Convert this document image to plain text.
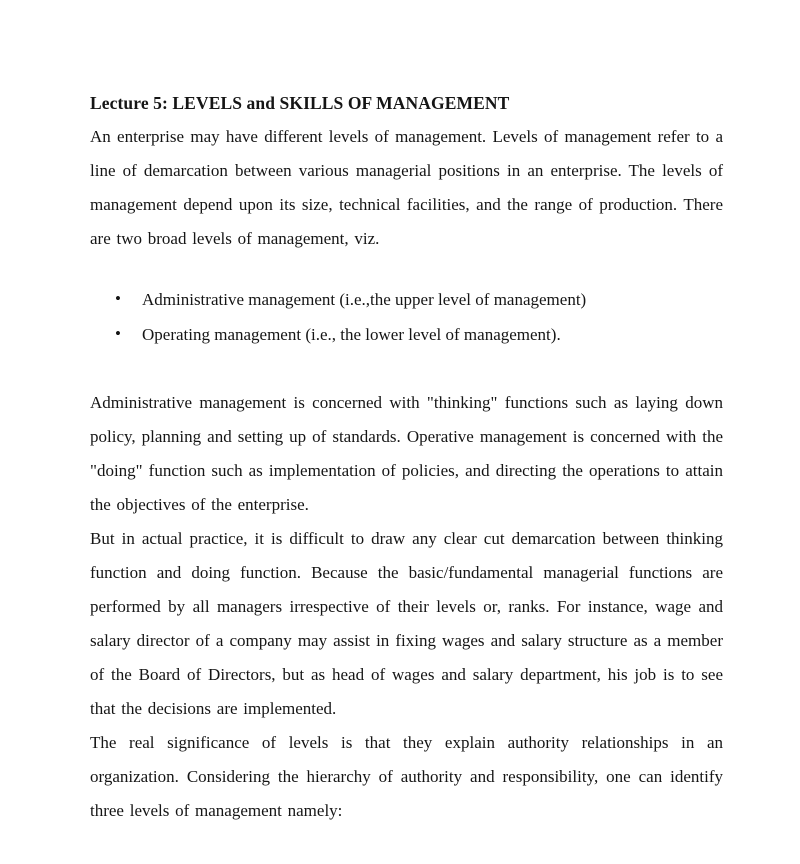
Lecture 5: LEVELS and SKILLS OF MANAGEMENT

An enterprise may have different levels of management. Levels of management refer to a line of demarcation between various managerial positions in an enterprise. The levels of management depend upon its size, technical facilities, and the range of production. There are two broad levels of management, viz.

• Administrative management (i.e.,the upper level of management)
• Operating management (i.e., the lower level of management).

Administrative management is concerned with "thinking" functions such as laying down policy, planning and setting up of standards. Operative management is concerned with the "doing" function such as implementation of policies, and directing the operations to attain the objectives of the enterprise.

But in actual practice, it is difficult to draw any clear cut demarcation between thinking function and doing function. Because the basic/fundamental managerial functions are performed by all managers irrespective of their levels or, ranks. For instance, wage and salary director of a company may assist in fixing wages and salary structure as a member of the Board of Directors, but as head of wages and salary department, his job is to see that the decisions are implemented.

The real significance of levels is that they explain authority relationships in an organization. Considering the hierarchy of authority and responsibility, one can identify three levels of management namely:
